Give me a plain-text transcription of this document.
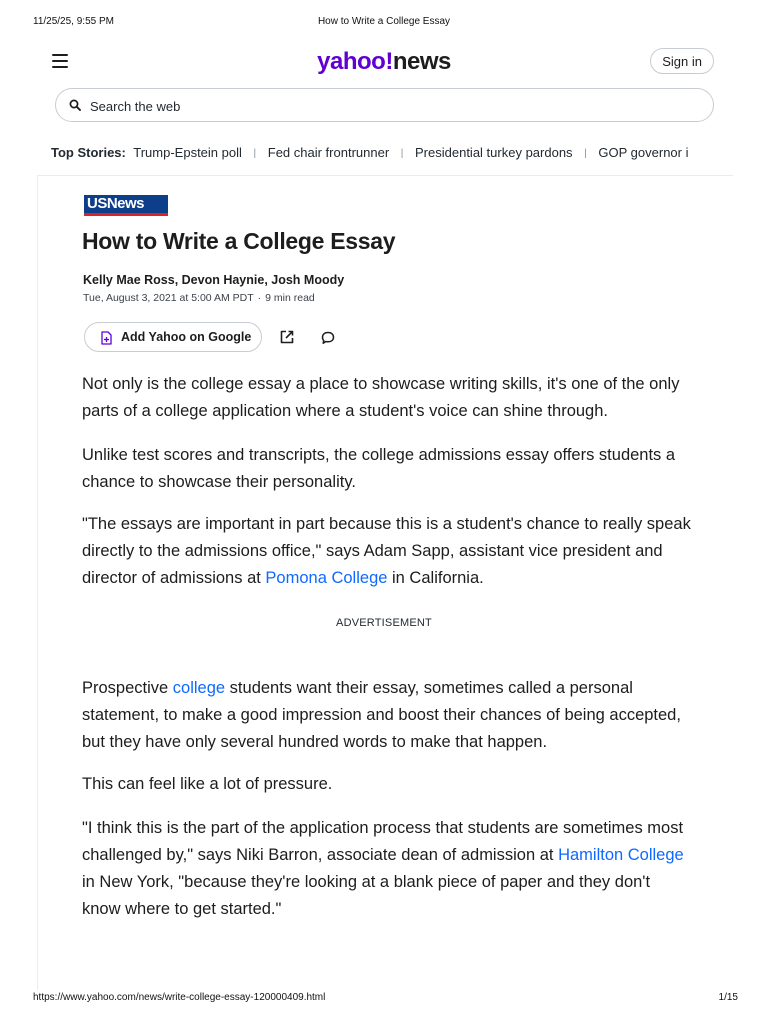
11/25/25, 9:55 PM	How to Write a College Essay
yahoo!news	Sign in
Search the web
Top Stories: Trump-Epstein poll | Fed chair frontrunner | Presidential turkey pardons | GOP governor i
USNews
How to Write a College Essay
Kelly Mae Ross, Devon Haynie, Josh Moody
Tue, August 3, 2021 at 5:00 AM PDT · 9 min read
Add Yahoo on Google

Not only is the college essay a place to showcase writing skills, it's one of the only parts of a college application where a student's voice can shine through.

Unlike test scores and transcripts, the college admissions essay offers students a chance to showcase their personality.

"The essays are important in part because this is a student's chance to really speak directly to the admissions office," says Adam Sapp, assistant vice president and director of admissions at Pomona College in California.

ADVERTISEMENT

Prospective college students want their essay, sometimes called a personal statement, to make a good impression and boost their chances of being accepted, but they have only several hundred words to make that happen.

This can feel like a lot of pressure.

"I think this is the part of the application process that students are sometimes most challenged by," says Niki Barron, associate dean of admission at Hamilton College in New York, "because they're looking at a blank piece of paper and they don't know where to get started."

https://www.yahoo.com/news/write-college-essay-120000409.html	1/15
